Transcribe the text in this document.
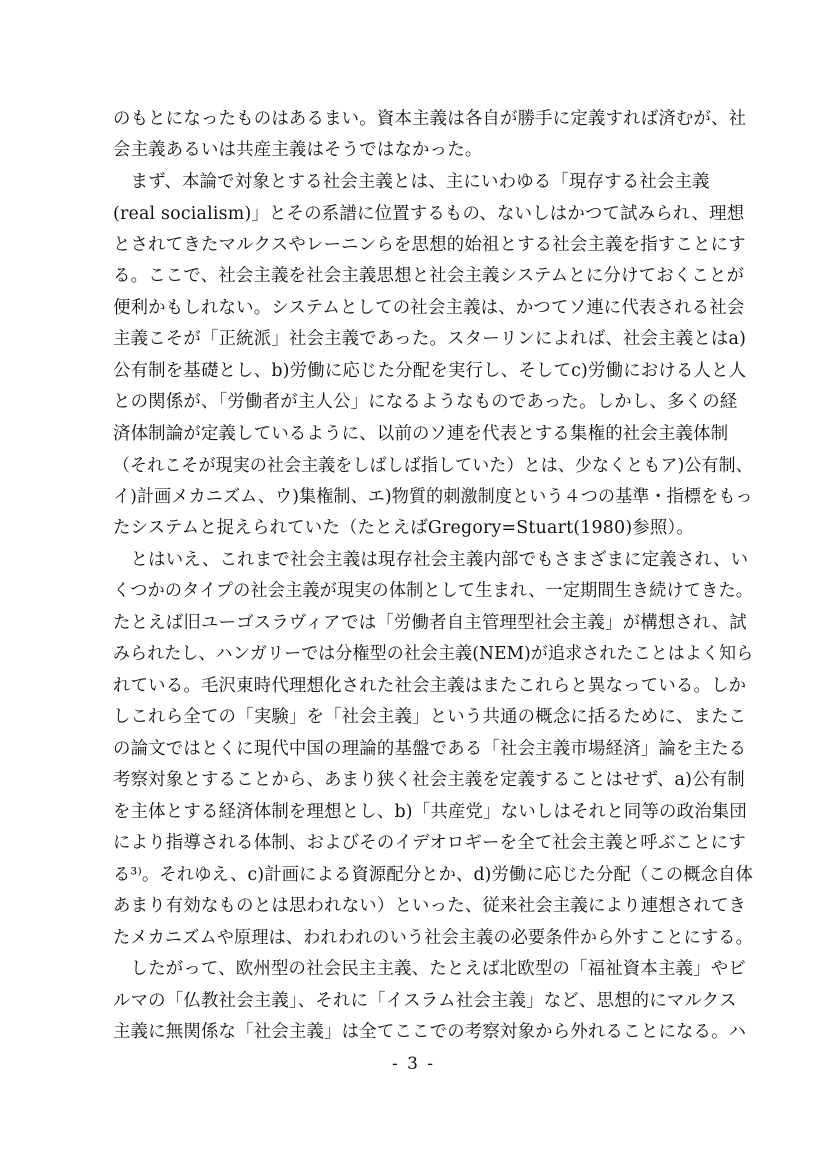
のもとになったものはあるまい。資本主義は各自が勝手に定義すれば済むが、社
会主義あるいは共産主義はそうではなかった。
　まず、本論で対象とする社会主義とは、主にいわゆる「現存する社会主義
(real socialism)」とその系譜に位置するもの、ないしはかつて試みられ、理想
とされてきたマルクスやレーニンらを思想的始祖とする社会主義を指すことにす
る。ここで、社会主義を社会主義思想と社会主義システムとに分けておくことが
便利かもしれない。システムとしての社会主義は、かつてソ連に代表される社会
主義こそが「正統派」社会主義であった。スターリンによれば、社会主義とはa)
公有制を基礎とし、b)労働に応じた分配を実行し、そしてc)労働における人と人
との関係が、「労働者が主人公」になるようなものであった。しかし、多くの経
済体制論が定義しているように、以前のソ連を代表とする集権的社会主義体制
（それこそが現実の社会主義をしばしば指していた）とは、少なくともア)公有制、
イ)計画メカニズム、ウ)集権制、エ)物質的刺激制度という４つの基準・指標をもっ
たシステムと捉えられていた（たとえばGregory=Stuart(1980)参照）。
　とはいえ、これまで社会主義は現存社会主義内部でもさまざまに定義され、い
くつかのタイプの社会主義が現実の体制として生まれ、一定期間生き続けてきた。
たとえば旧ユーゴスラヴィアでは「労働者自主管理型社会主義」が構想され、試
みられたし、ハンガリーでは分権型の社会主義(NEM)が追求されたことはよく知ら
れている。毛沢東時代理想化された社会主義はまたこれらと異なっている。しか
しこれら全ての「実験」を「社会主義」という共通の概念に括るために、またこ
の論文ではとくに現代中国の理論的基盤である「社会主義市場経済」論を主たる
考察対象とすることから、あまり狭く社会主義を定義することはせず、a)公有制
を主体とする経済体制を理想とし、b)「共産党」ないしはそれと同等の政治集団
により指導される体制、およびそのイデオロギーを全て社会主義と呼ぶことにす
る³⁾。それゆえ、c)計画による資源配分とか、d)労働に応じた分配（この概念自体
あまり有効なものとは思われない）といった、従来社会主義により連想されてき
たメカニズムや原理は、われわれのいう社会主義の必要条件から外すことにする。
　したがって、欧州型の社会民主主義、たとえば北欧型の「福祉資本主義」やビ
ルマの「仏教社会主義」、それに「イスラム社会主義」など、思想的にマルクス
主義に無関係な「社会主義」は全てここでの考察対象から外れることになる。ハ
- 3 -
